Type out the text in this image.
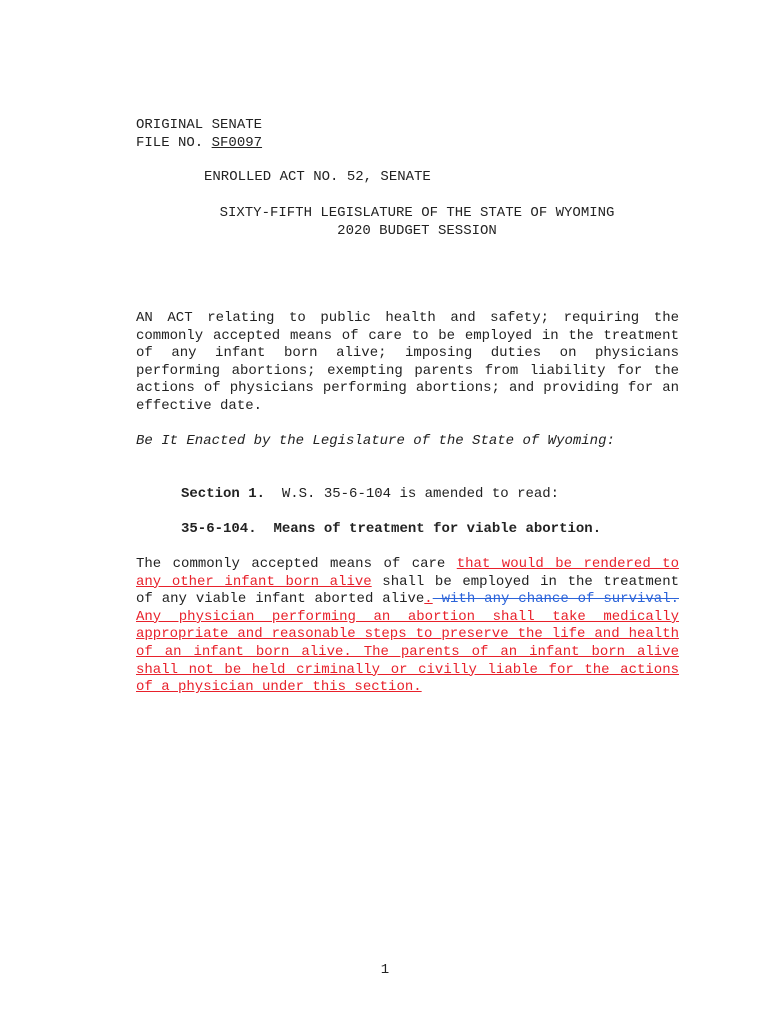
ORIGINAL SENATE
FILE NO. SF0097
ENROLLED ACT NO. 52, SENATE
SIXTY-FIFTH LEGISLATURE OF THE STATE OF WYOMING
2020 BUDGET SESSION
AN ACT relating to public health and safety; requiring the commonly accepted means of care to be employed in the treatment of any infant born alive; imposing duties on physicians performing abortions; exempting parents from liability for the actions of physicians performing abortions; and providing for an effective date.
Be It Enacted by the Legislature of the State of Wyoming:
Section 1. W.S. 35-6-104 is amended to read:
35-6-104. Means of treatment for viable abortion.
The commonly accepted means of care that would be rendered to any other infant born alive shall be employed in the treatment of any viable infant aborted alive. with any chance of survival. Any physician performing an abortion shall take medically appropriate and reasonable steps to preserve the life and health of an infant born alive. The parents of an infant born alive shall not be held criminally or civilly liable for the actions of a physician under this section.
1
